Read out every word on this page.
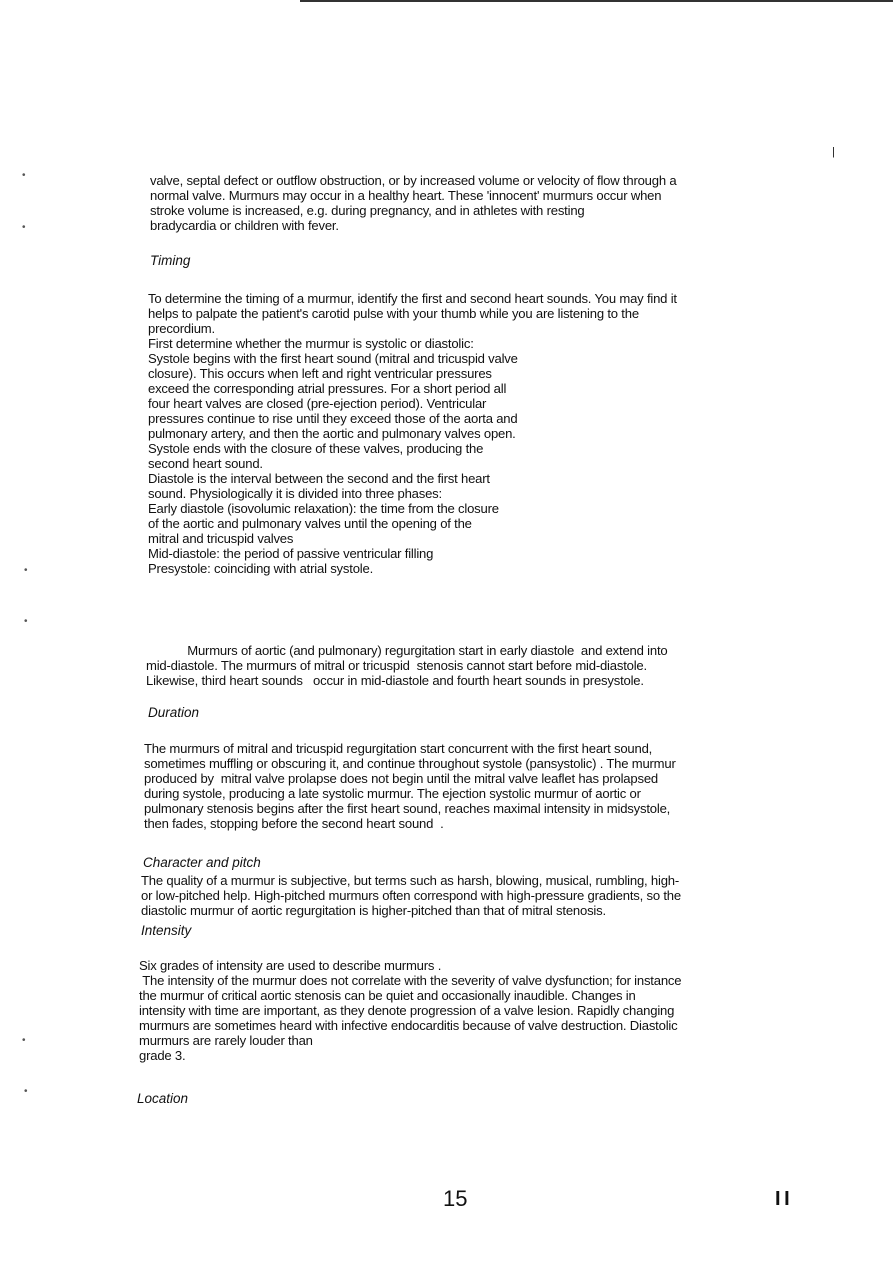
•
•
•
•
•
•
|
valve, septal defect or outflow obstruction, or by increased volume or velocity of flow through a
normal valve. Murmurs may occur in a healthy heart. These 'innocent' murmurs occur when
stroke volume is increased, e.g. during pregnancy, and in athletes with resting
bradycardia or children with fever.
Timing
To determine the timing of a murmur, identify the first and second heart sounds. You may find it
helps to palpate the patient's carotid pulse with your thumb while you are listening to the
precordium.
First determine whether the murmur is systolic or diastolic:
Systole begins with the first heart sound (mitral and tricuspid valve
closure). This occurs when left and right ventricular pressures
exceed the corresponding atrial pressures. For a short period all
four heart valves are closed (pre-ejection period). Ventricular
pressures continue to rise until they exceed those of the aorta and
pulmonary artery, and then the aortic and pulmonary valves open.
Systole ends with the closure of these valves, producing the
second heart sound.
Diastole is the interval between the second and the first heart
sound. Physiologically it is divided into three phases:
Early diastole (isovolumic relaxation): the time from the closure
of the aortic and pulmonary valves until the opening of the
mitral and tricuspid valves
Mid-diastole: the period of passive ventricular filling
Presystole: coinciding with atrial systole.
Murmurs of aortic (and pulmonary) regurgitation start in early diastole  and extend into
mid-diastole. The murmurs of mitral or tricuspid  stenosis cannot start before mid-diastole.
Likewise, third heart sounds   occur in mid-diastole and fourth heart sounds in presystole.
Duration
The murmurs of mitral and tricuspid regurgitation start concurrent with the first heart sound,
sometimes muffling or obscuring it, and continue throughout systole (pansystolic) . The murmur
produced by  mitral valve prolapse does not begin until the mitral valve leaflet has prolapsed
during systole, producing a late systolic murmur. The ejection systolic murmur of aortic or
pulmonary stenosis begins after the first heart sound, reaches maximal intensity in midsystole,
then fades, stopping before the second heart sound  .
Character and pitch
The quality of a murmur is subjective, but terms such as harsh, blowing, musical, rumbling, high-
or low-pitched help. High-pitched murmurs often correspond with high-pressure gradients, so the
diastolic murmur of aortic regurgitation is higher-pitched than that of mitral stenosis.
Intensity
Six grades of intensity are used to describe murmurs .
The intensity of the murmur does not correlate with the severity of valve dysfunction; for instance
the murmur of critical aortic stenosis can be quiet and occasionally inaudible. Changes in
intensity with time are important, as they denote progression of a valve lesion. Rapidly changing
murmurs are sometimes heard with infective endocarditis because of valve destruction. Diastolic
murmurs are rarely louder than
grade 3.
Location
15	I I
